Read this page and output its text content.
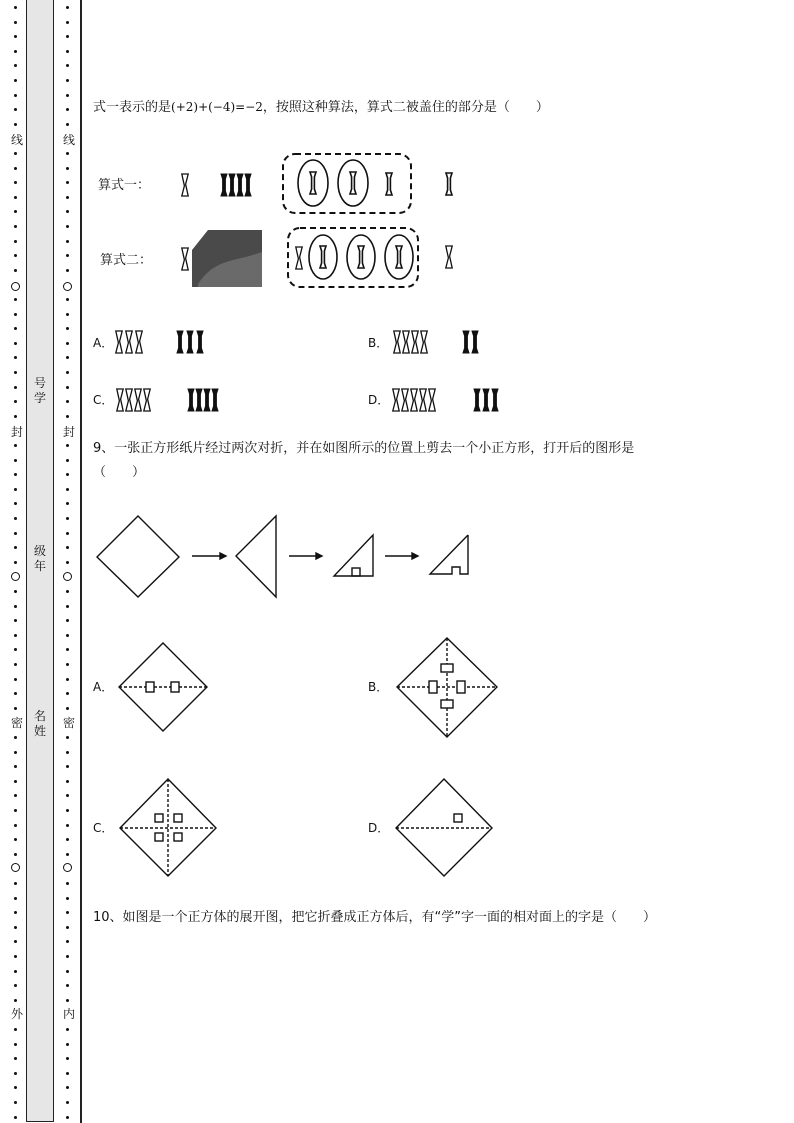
线
封
密
外
线
封
密
内
号
学
级
年
名
姓
式一表示的是(+2)+(−4)=−2，按照这种算法，算式二被盖住的部分是（　　）
算式一：
算式二：
A．	B．
C．	D．
9、一张正方形纸片经过两次对折，并在如图所示的位置上剪去一个小正方形，打开后的图形是
（　　）
A．	B．
C．	D．
10、如图是一个正方体的展开图，把它折叠成正方体后，有“学”字一面的相对面上的字是（　　）
